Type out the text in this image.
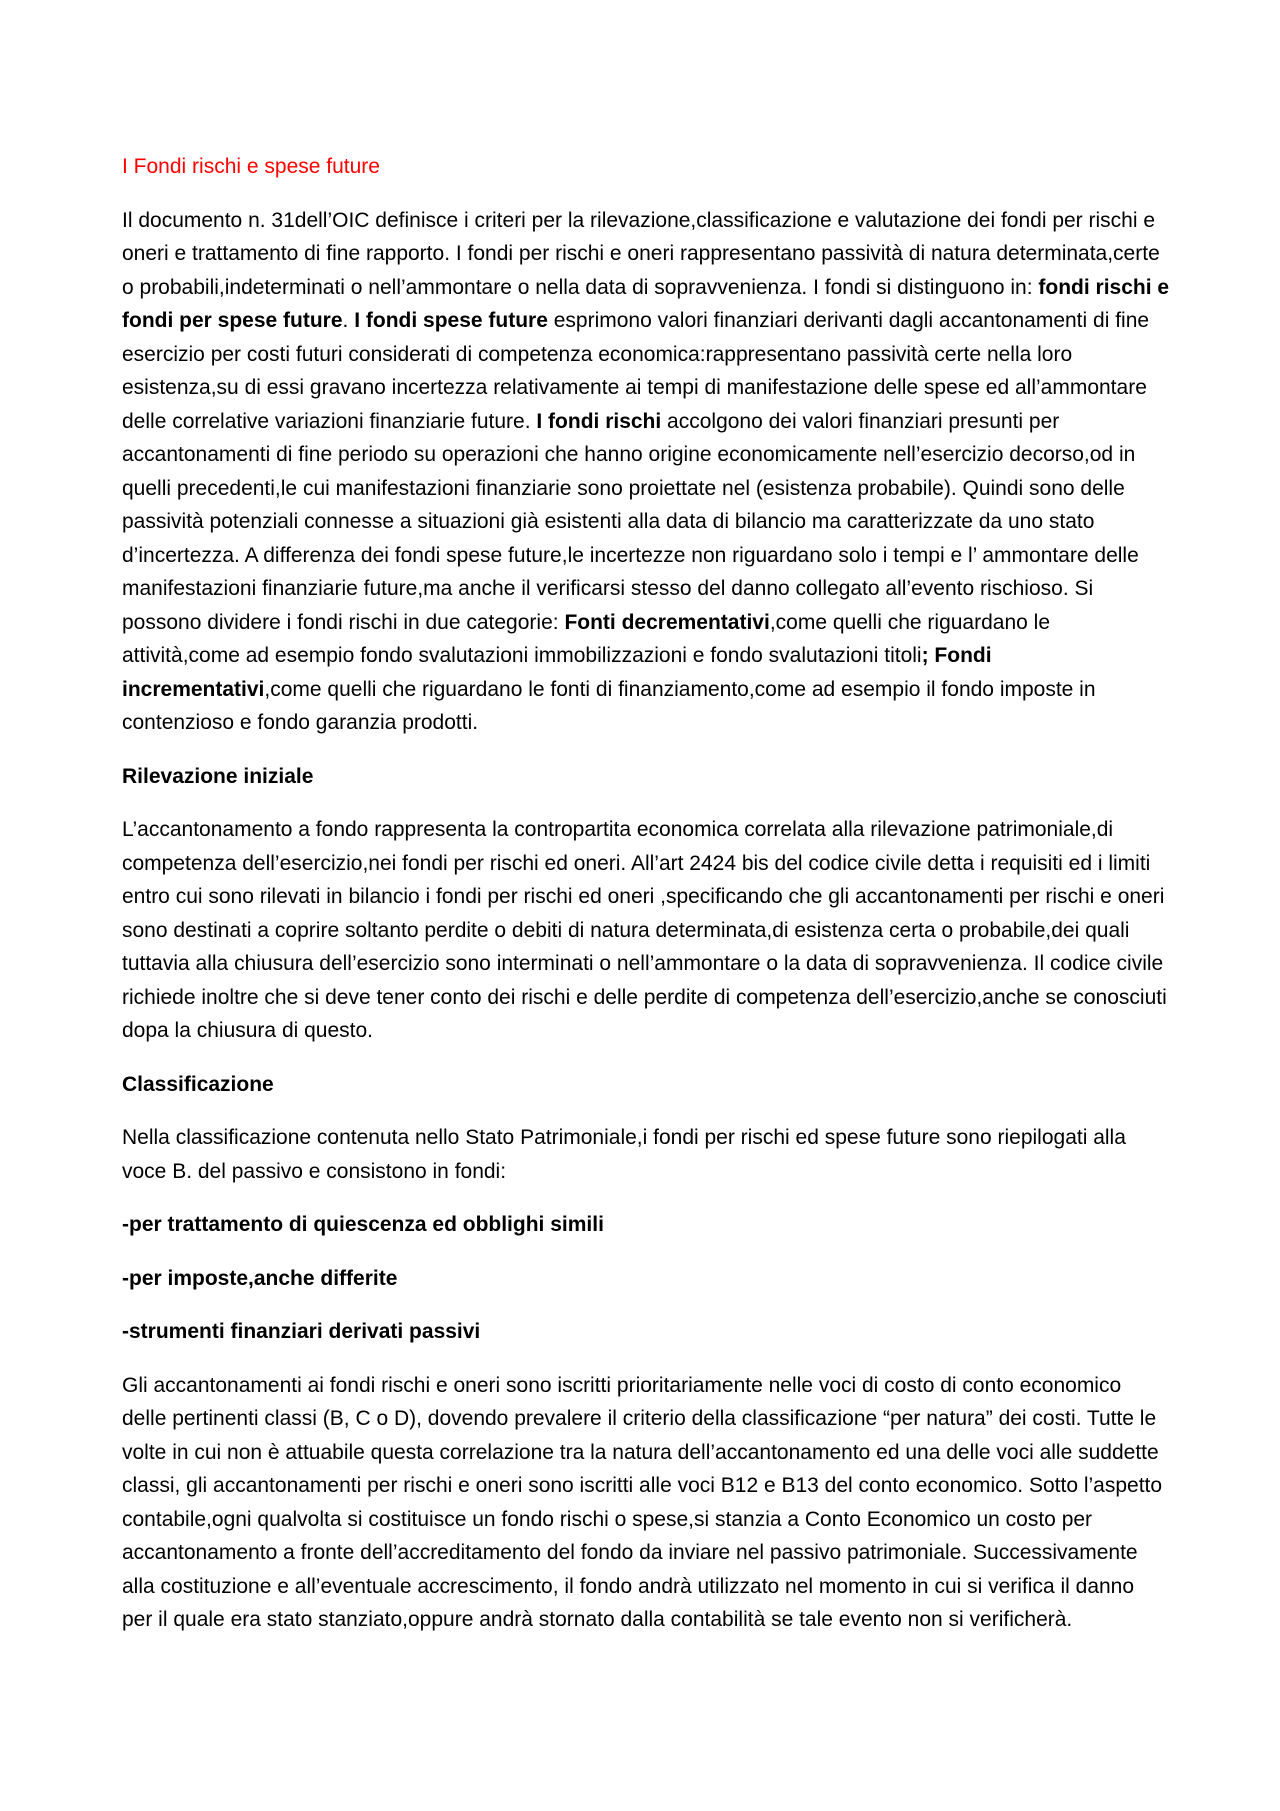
I Fondi rischi e spese future

Il documento n. 31dell’OIC definisce i criteri per la rilevazione,classificazione e valutazione dei fondi per rischi e oneri e trattamento di fine rapporto. I fondi per rischi e oneri rappresentano passività di natura determinata,certe o probabili,indeterminati o nell’ammontare o nella data di sopravvenienza. I fondi si distinguono in: fondi rischi e fondi per spese future. I fondi spese future esprimono valori finanziari derivanti dagli accantonamenti di fine esercizio per costi futuri considerati di competenza economica:rappresentano passività certe nella loro esistenza,su di essi gravano incertezza relativamente ai tempi di manifestazione delle spese ed all’ammontare delle correlative variazioni finanziarie future. I fondi rischi accolgono dei valori finanziari presunti per accantonamenti di fine periodo su operazioni che hanno origine economicamente nell’esercizio decorso,od in quelli precedenti,le cui manifestazioni finanziarie sono proiettate nel (esistenza probabile). Quindi sono delle passività potenziali connesse a situazioni già esistenti alla data di bilancio ma caratterizzate da uno stato d’incertezza. A differenza dei fondi spese future,le incertezze non riguardano solo i tempi e l’ ammontare delle manifestazioni finanziarie future,ma anche il verificarsi stesso del danno collegato all’evento rischioso. Si possono dividere i fondi rischi in due categorie: Fonti decrementativi,come quelli che riguardano le attività,come ad esempio fondo svalutazioni immobilizzazioni e fondo svalutazioni titoli; Fondi incrementativi,come quelli che riguardano le fonti di finanziamento,come ad esempio il fondo imposte in contenzioso e fondo garanzia prodotti.

Rilevazione iniziale

L’accantonamento a fondo rappresenta la contropartita economica correlata alla rilevazione patrimoniale,di competenza dell’esercizio,nei fondi per rischi ed oneri. All’art 2424 bis del codice civile detta i requisiti ed i limiti entro cui sono rilevati in bilancio i fondi per rischi ed oneri ,specificando che gli accantonamenti per rischi e oneri sono destinati a coprire soltanto perdite o debiti di natura determinata,di esistenza certa o probabile,dei quali tuttavia alla chiusura dell’esercizio sono interminati o nell’ammontare o la data di sopravvenienza. Il codice civile richiede inoltre che si deve tener conto dei rischi e delle perdite di competenza dell’esercizio,anche se conosciuti dopa la chiusura di questo.

Classificazione

Nella classificazione contenuta nello Stato Patrimoniale,i fondi per rischi ed spese future sono riepilogati alla voce B. del passivo e consistono in fondi:

-per trattamento di quiescenza ed obblighi simili

-per imposte,anche differite

-strumenti finanziari derivati passivi

Gli accantonamenti ai fondi rischi e oneri sono iscritti prioritariamente nelle voci di costo di conto economico delle pertinenti classi (B, C o D), dovendo prevalere il criterio della classificazione “per natura” dei costi. Tutte le volte in cui non è attuabile questa correlazione tra la natura dell’accantonamento ed una delle voci alle suddette classi, gli accantonamenti per rischi e oneri sono iscritti alle voci B12 e B13 del conto economico. Sotto l’aspetto contabile,ogni qualvolta si costituisce un fondo rischi o spese,si stanzia a Conto Economico un costo per accantonamento a fronte dell’accreditamento del fondo da inviare nel passivo patrimoniale. Successivamente alla costituzione e all’eventuale accrescimento, il fondo andrà utilizzato nel momento in cui si verifica il danno per il quale era stato stanziato,oppure andrà stornato dalla contabilità se tale evento non si verificherà.
